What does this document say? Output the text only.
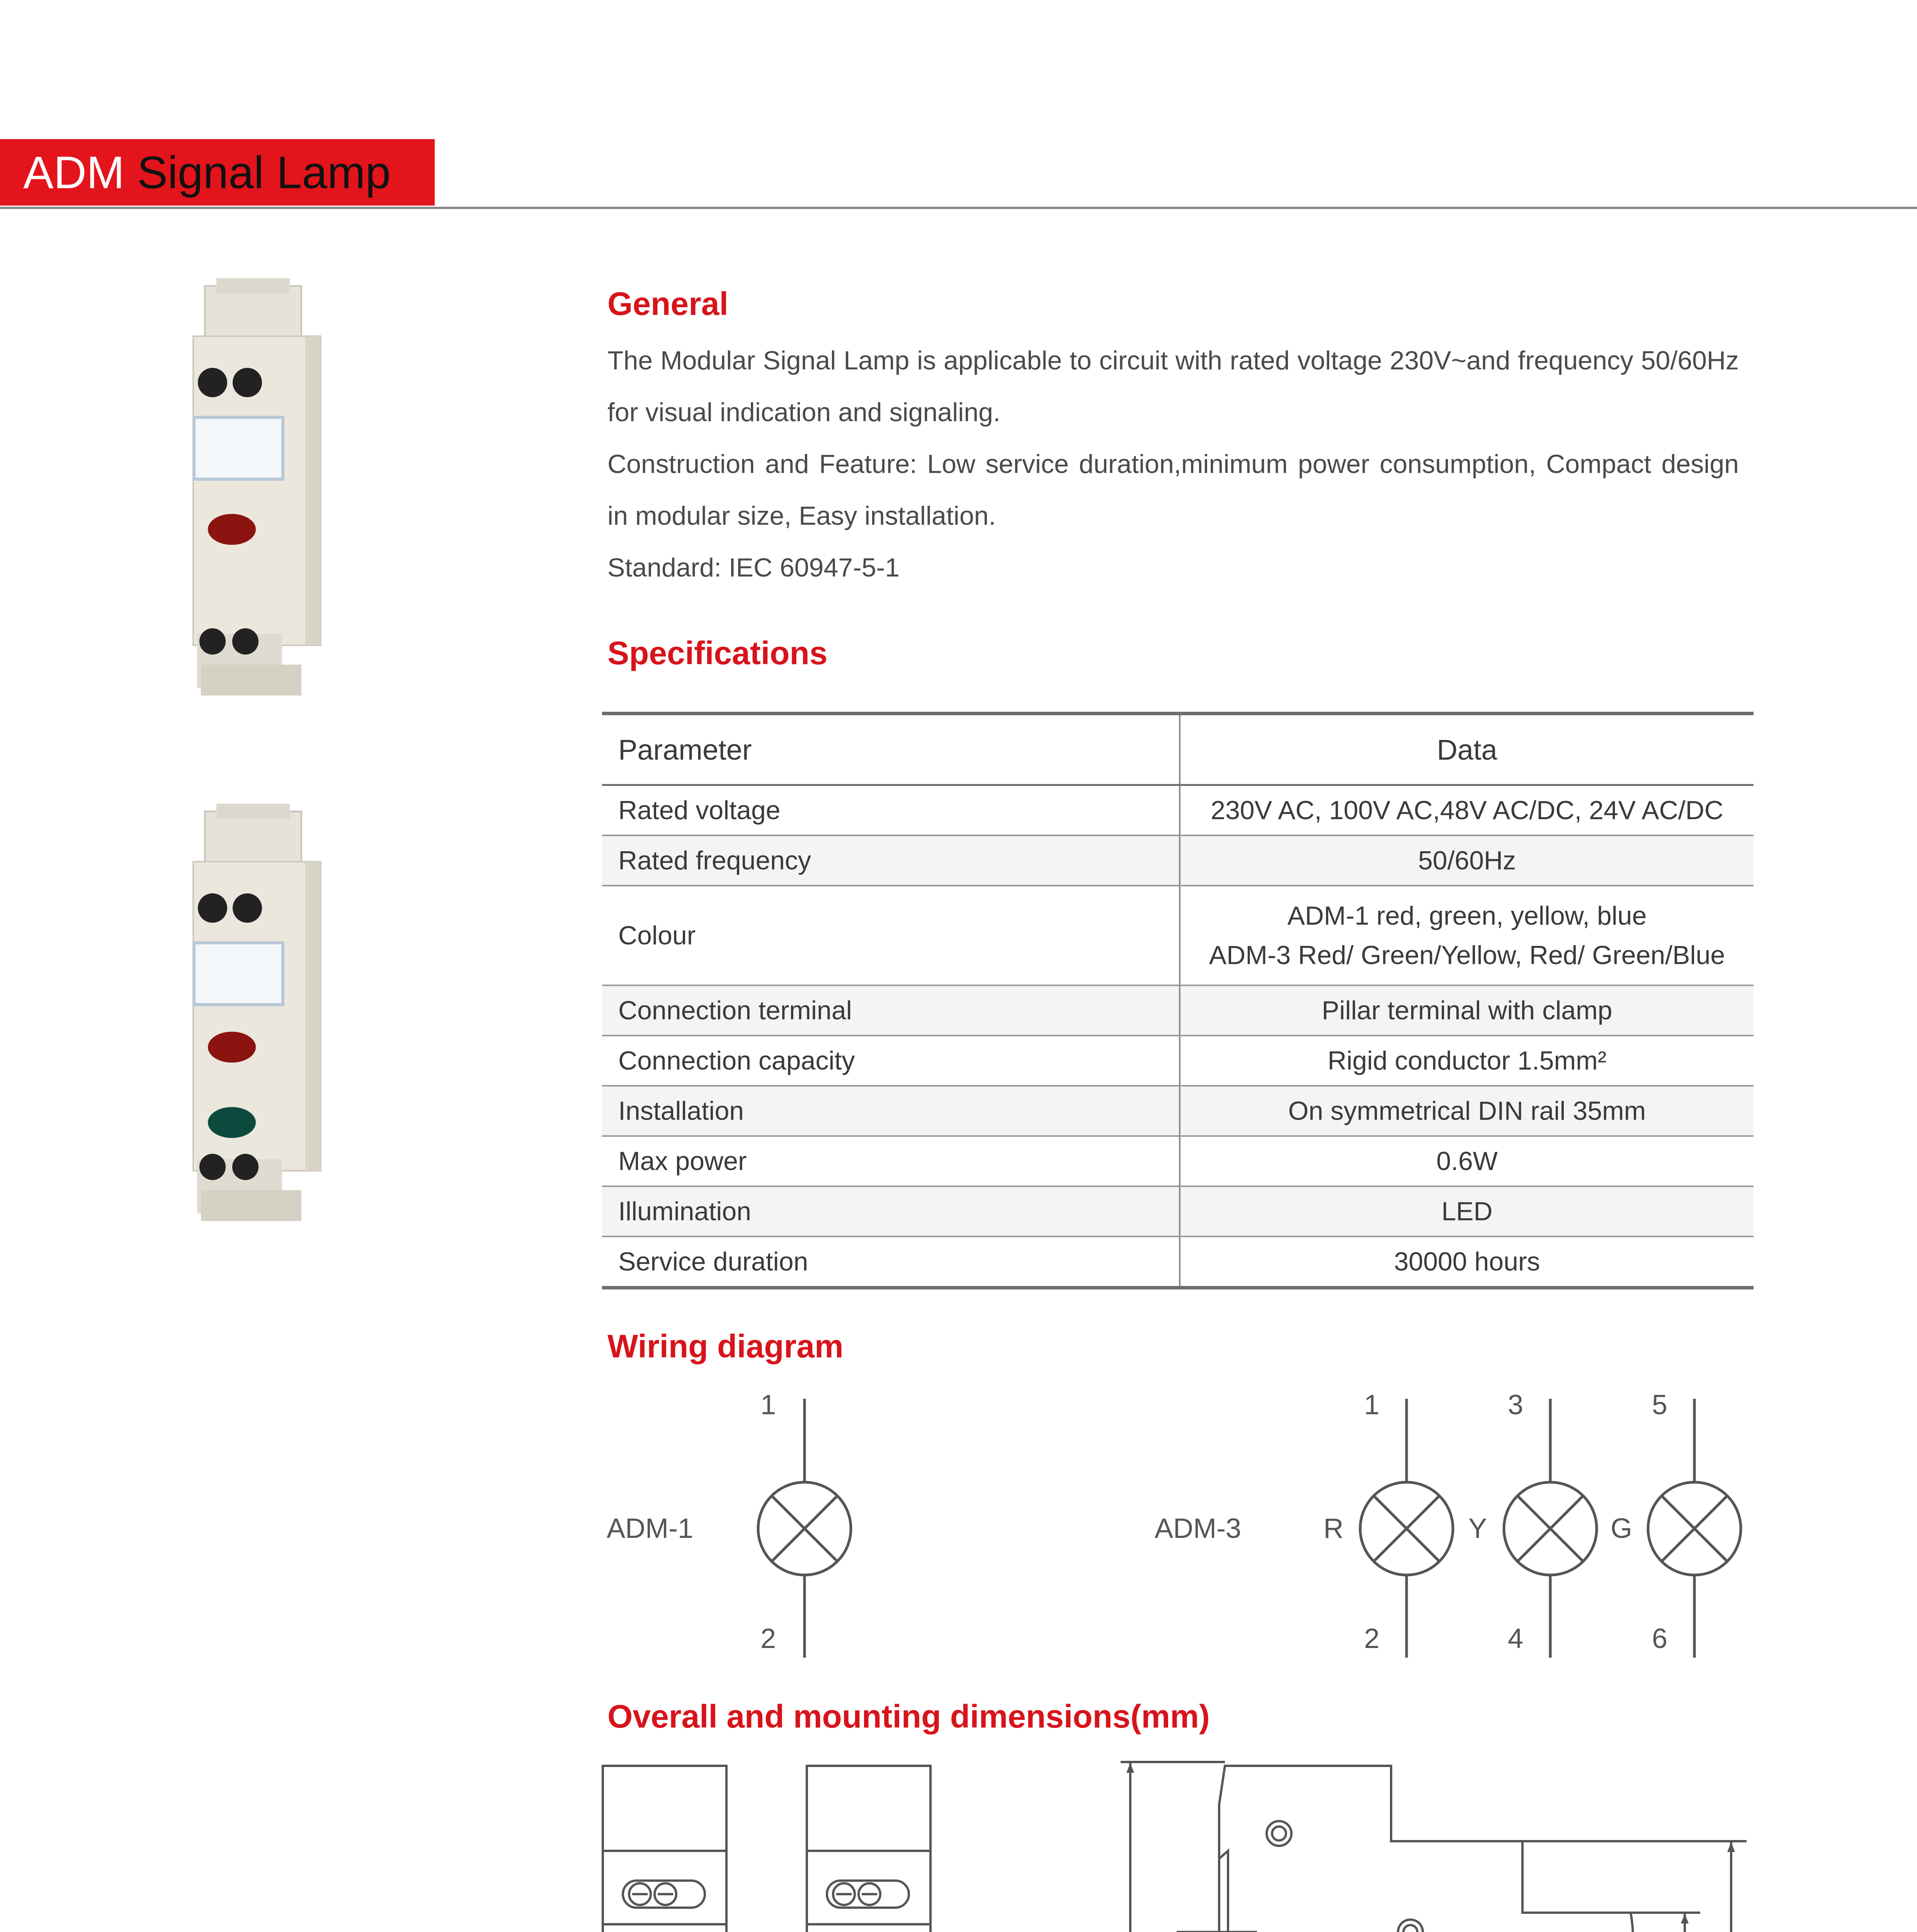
ADM Signal Lamp
General

The Modular Signal Lamp is applicable to circuit with rated voltage 230V~and frequency 50/60Hz for visual indication and signaling.

Construction and Feature: Low service duration,minimum power consumption, Compact design in modular size, Easy installation.

Standard: IEC 60947-5-1

Specifications
Parameter	Data
Rated voltage	230V AC, 100V AC,48V AC/DC, 24V AC/DC
Rated frequency	50/60Hz
Colour	ADM-1 red, green, yellow, blue
ADM-3 Red/ Green/Yellow, Red/ Green/Blue

Connection terminal	Pillar terminal with clamp
Connection capacity	Rigid conductor 1.5mm²
Installation	On symmetrical DIN rail 35mm
Max power	0.6W
Illumination	LED
Service duration	30000 hours
Wiring diagram
ADM-1
1
2
ADM-3	R
1
2
Y
3
4
G
5
6
Overall and mounting dimensions(mm)
